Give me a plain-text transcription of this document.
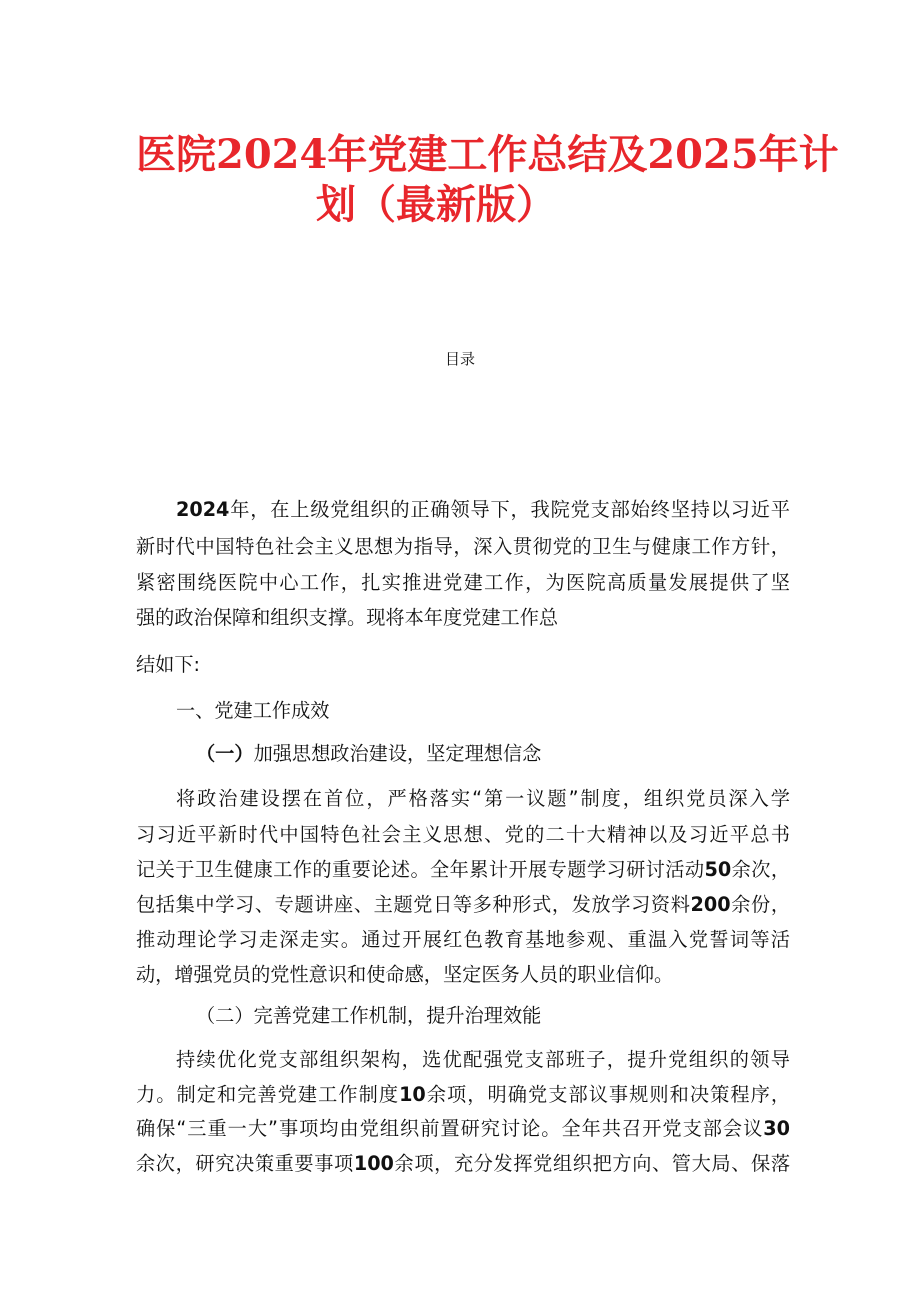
医院2024年党建工作总结及2025年计
划（最新版）
目录
2024年，在上级党组织的正确领导下，我院党支部始终坚持以习近平
新时代中国特色社会主义思想为指导，深入贯彻党的卫生与健康工作方针，
紧密围绕医院中心工作，扎实推进党建工作，为医院高质量发展提供了坚
强的政治保障和组织支撑。现将本年度党建工作总
结如下:
一、党建工作成效
（一）加强思想政治建设，坚定理想信念
将政治建设摆在首位，严格落实“第一议题”制度，组织党员深入学
习习近平新时代中国特色社会主义思想、党的二十大精神以及习近平总书
记关于卫生健康工作的重要论述。全年累计开展专题学习研讨活动50余次，
包括集中学习、专题讲座、主题党日等多种形式，发放学习资料200余份，
推动理论学习走深走实。通过开展红色教育基地参观、重温入党誓词等活
动，增强党员的党性意识和使命感，坚定医务人员的职业信仰。
（二）完善党建工作机制，提升治理效能
持续优化党支部组织架构，选优配强党支部班子，提升党组织的领导
力。制定和完善党建工作制度10余项，明确党支部议事规则和决策程序，
确保“三重一大”事项均由党组织前置研究讨论。全年共召开党支部会议30
余次，研究决策重要事项100余项，充分发挥党组织把方向、管大局、保落
